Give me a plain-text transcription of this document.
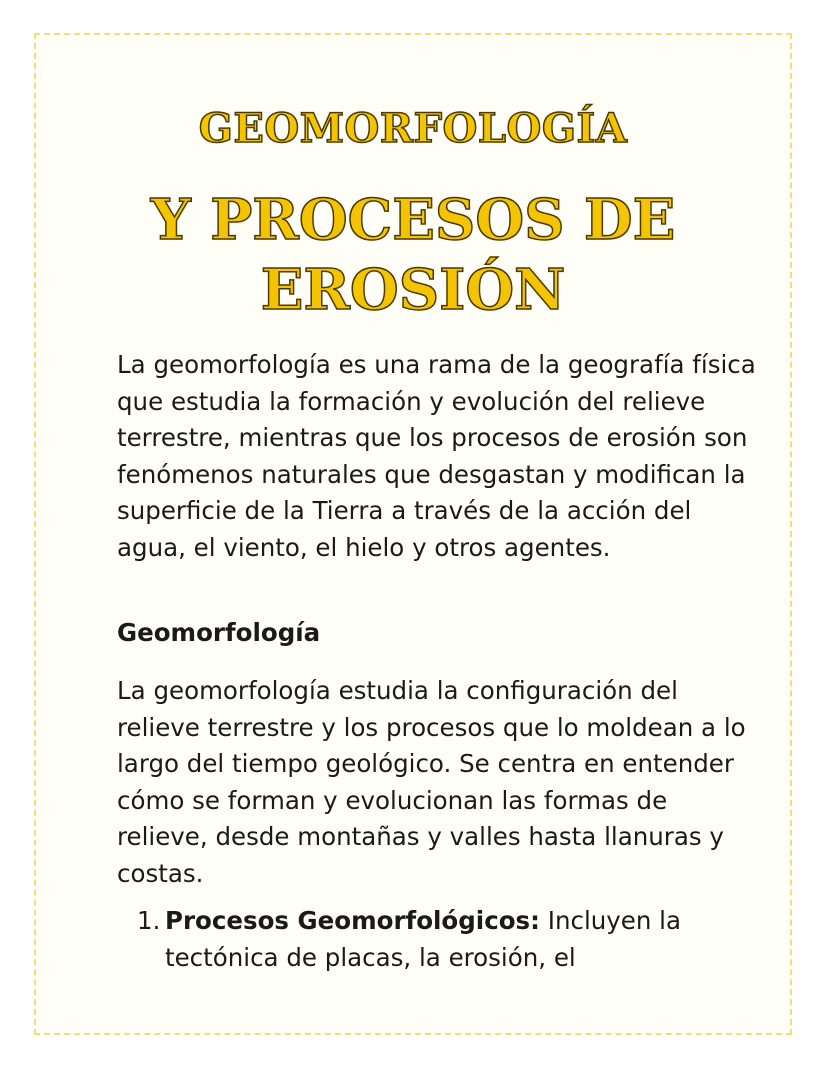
GEOMORFOLOGÍA
Y PROCESOS DE
EROSIÓN

La geomorfología es una rama de la geografía física que estudia la formación y evolución del relieve terrestre, mientras que los procesos de erosión son fenómenos naturales que desgastan y modifican la superficie de la Tierra a través de la acción del agua, el viento, el hielo y otros agentes.

Geomorfología

La geomorfología estudia la configuración del relieve terrestre y los procesos que lo moldean a lo largo del tiempo geológico. Se centra en entender cómo se forman y evolucionan las formas de relieve, desde montañas y valles hasta llanuras y costas.

1. Procesos Geomorfológicos: Incluyen la tectónica de placas, la erosión, el
